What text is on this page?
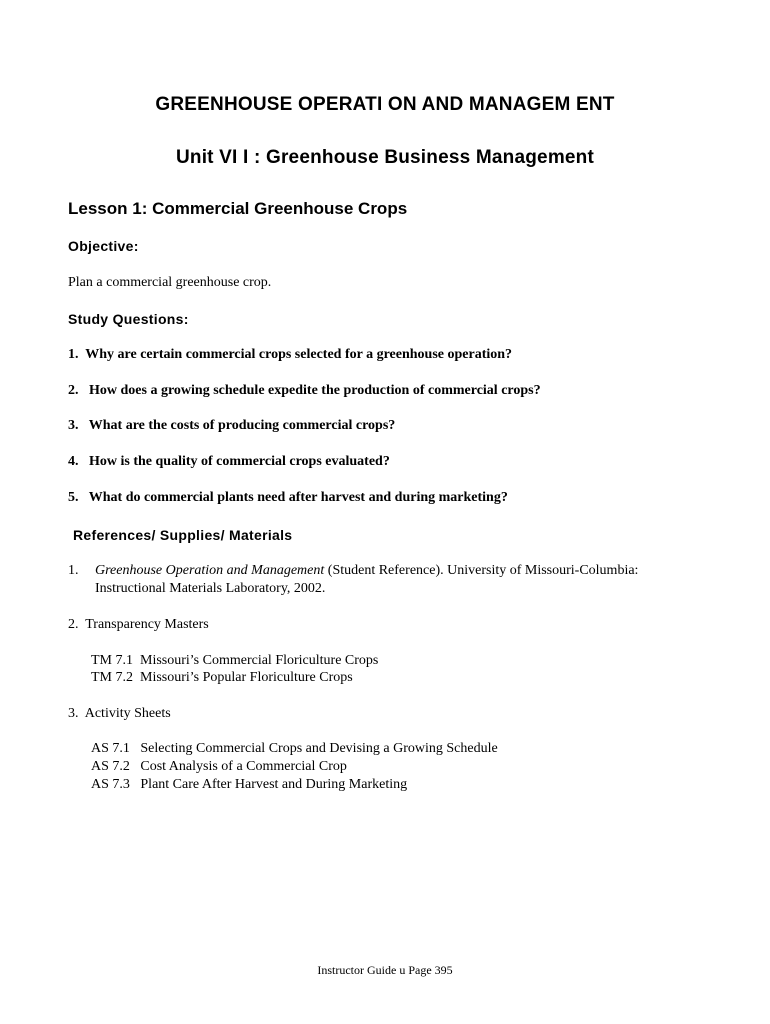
GREENHOUSE OPERATI ON AND MANAGEM ENT
Unit VI I : Greenhouse Business Management
Lesson 1: Commercial Greenhouse Crops
Objective:
Plan a commercial greenhouse crop.
Study Questions:
1.  Why are certain commercial crops selected for a greenhouse operation?
2.   How does a growing schedule expedite the production of commercial crops?
3.   What are the costs of producing commercial crops?
4.   How is the quality of commercial crops evaluated?
5.   What do commercial plants need after harvest and during marketing?
References/ Supplies/ Materials
1. Greenhouse Operation and Management (Student Reference). University of Missouri-Columbia:
Instructional Materials Laboratory, 2002.
2.  Transparency Masters
TM 7.1  Missouri’s Commercial Floriculture Crops
TM 7.2  Missouri’s Popular Floriculture Crops
3.  Activity Sheets
AS 7.1   Selecting Commercial Crops and Devising a Growing Schedule
AS 7.2   Cost Analysis of a Commercial Crop
AS 7.3   Plant Care After Harvest and During Marketing
Instructor Guide u Page 395
